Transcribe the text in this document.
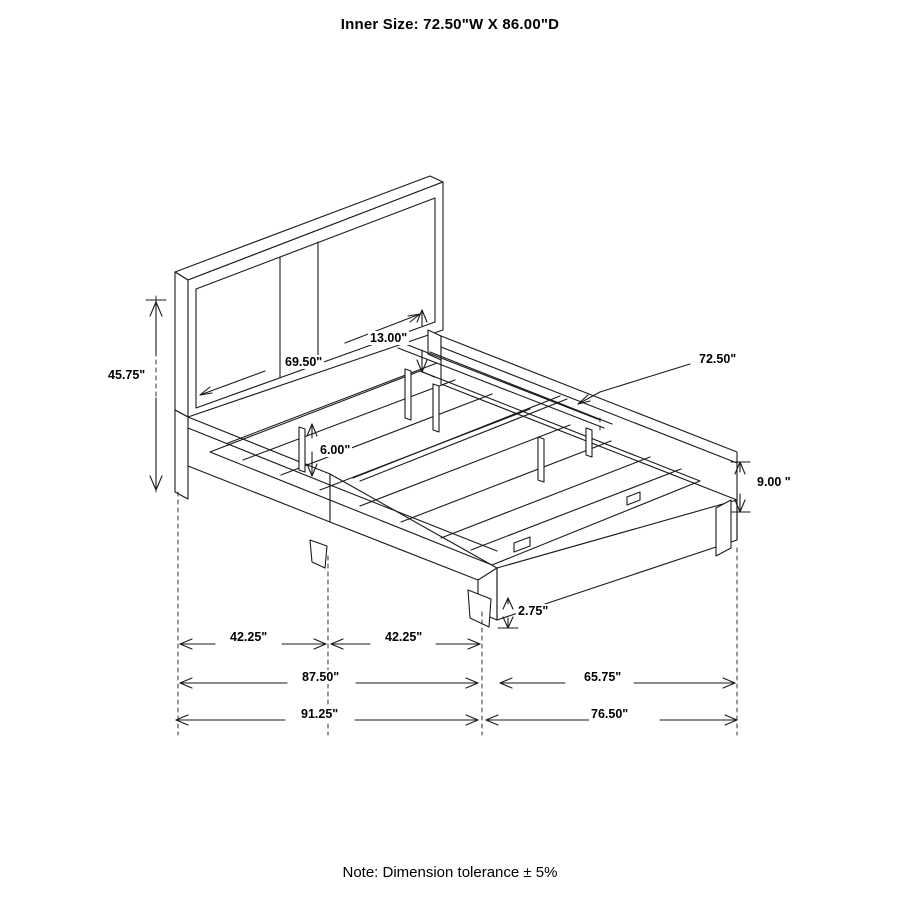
Inner Size: 72.50"W X 86.00"D
45.75"
69.50"
13.00"
72.50"
6.00"
9.00 "
2.75"
42.25"	42.25"
87.50"	65.75"
91.25"	76.50"
Note: Dimension tolerance ± 5%
